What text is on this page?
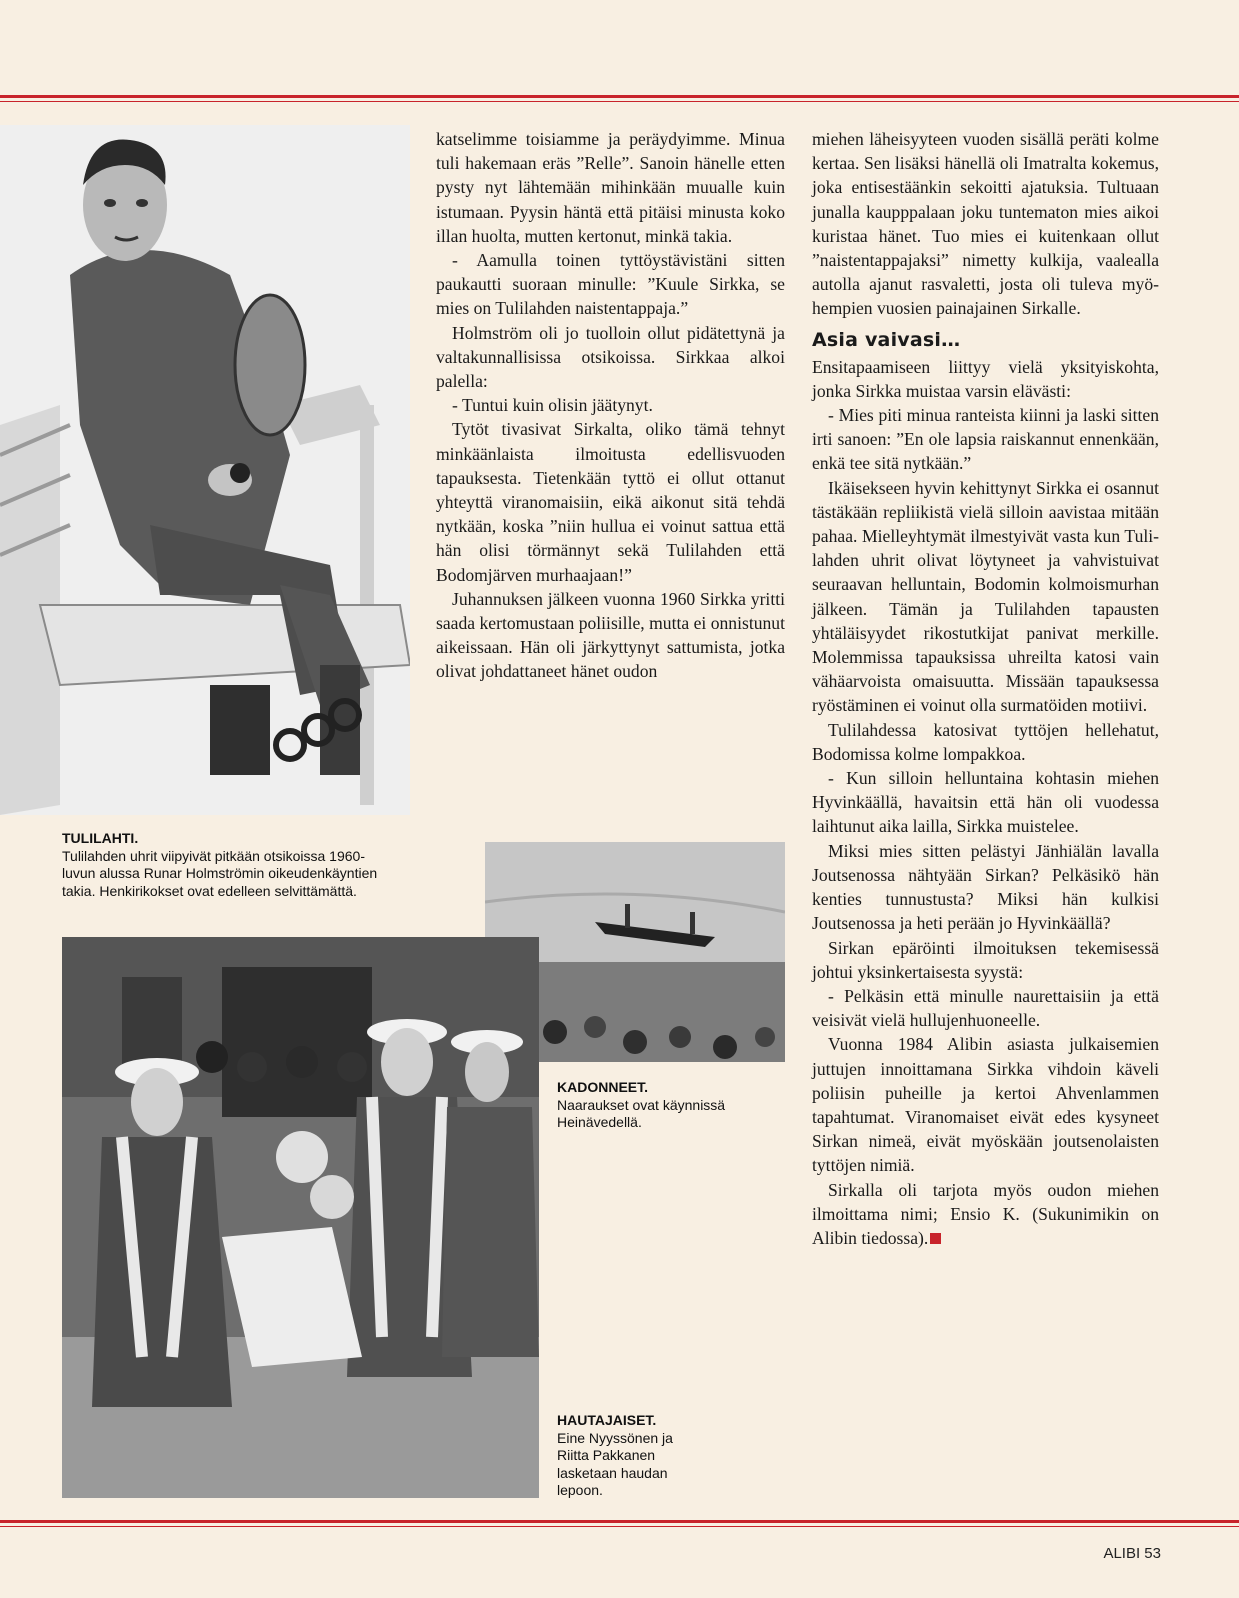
TULILAHTI.
Tulilahden uhrit viipyivät pitkään otsikoissa 1960-luvun alussa Runar Holmströmin oikeudenkäyntien takia. Henkirikokset ovat edelleen selvittämättä.

katselimme toisiamme ja peräydyimme. Minua tuli hakemaan eräs ”Relle”. Sanoin hänelle etten pysty nyt lähtemään mihinkään muualle kuin istumaan. Pyysin häntä että pitäisi minusta koko illan huolta, mutten kertonut, minkä takia.

- Aamulla toinen tyttöystävistäni sitten paukautti suoraan minulle: ”Kuule Sirkka, se mies on Tulilahden naistentappaja.”

Holmström oli jo tuolloin ollut pidätettynä ja valtakunnallisissa otsikoissa. Sirkkaa alkoi palella:

- Tuntui kuin olisin jäätynyt.

Tytöt tivasivat Sirkalta, oliko tämä tehnyt minkäänlaista ilmoitusta edellisvuoden tapauksesta. Tietenkään tyttö ei ollut ottanut yhteyttä viranomaisiin, eikä aikonut sitä tehdä nytkään, koska ”niin hullua ei voinut sattua että hän olisi törmännyt sekä Tulilahden että Bodomjärven murhaajaan!”

Juhannuksen jälkeen vuonna 1960 Sirkka yritti saada kertomustaan poliisille, mutta ei onnistunut aikeissaan. Hän oli järkyttynyt sattumista, jotka olivat johdattaneet hänet oudon

miehen läheisyyteen vuoden sisällä peräti kolme kertaa. Sen lisäksi hänellä oli Imatralta kokemus, joka entisestäänkin sekoitti ajatuksia. Tultuaan junalla kaupppalaan joku tuntematon mies aikoi kuristaa hänet. Tuo mies ei kuitenkaan ollut ”naistentappajaksi” nimetty kulkija, vaalealla autolla ajanut rasvaletti, josta oli tuleva myöhempien vuosien painajainen Sirkalle.

Asia vaivasi…

Ensitapaamiseen liittyy vielä yksityiskohta, jonka Sirkka muistaa varsin elävästi:

- Mies piti minua ranteista kiinni ja laski sitten irti sanoen: ”En ole lapsia raiskannut ennenkään, enkä tee sitä nytkään.”

Ikäisekseen hyvin kehittynyt Sirkka ei osannut tästäkään repliikistä vielä silloin aavistaa mitään pahaa. Mielleyhtymät ilmestyivät vasta kun Tulilahden uhrit olivat löytyneet ja vahvistuivat seuraavan helluntain, Bodomin kolmoismurhan jälkeen. Tämän ja Tulilahden tapausten yhtäläisyydet rikostutkijat panivat merkille. Molemmissa tapauksissa uhreilta katosi vain vähäarvoista omaisuutta. Missään tapauksessa ryöstäminen ei voinut olla surmatöiden motiivi.

Tulilahdessa katosivat tyttöjen hellehatut, Bodomissa kolme lompakkoa.

- Kun silloin helluntaina kohtasin miehen Hyvinkäällä, havaitsin että hän oli vuodessa laihtunut aika lailla, Sirkka muistelee.

Miksi mies sitten pelästyi Jänhiälän lavalla Joutsenossa nähtyään Sirkan? Pelkäsikö hän kenties tunnustusta? Miksi hän kulkisi Joutsenossa ja heti perään jo Hyvinkäällä?

Sirkan epäröinti ilmoituksen tekemisessä johtui yksinkertaisesta syystä:

- Pelkäsin että minulle naurettaisiin ja että veisivät vielä hullujenhuoneelle.

Vuonna 1984 Alibin asiasta julkaisemien juttujen innoittamana Sirkka vihdoin käveli poliisin puheille ja kertoi Ahvenlammen tapahtumat. Viranomaiset eivät edes kysyneet Sirkan nimeä, eivät myöskään joutsenolaisten tyttöjen nimiä.

Sirkalla oli tarjota myös oudon miehen ilmoittama nimi; Ensio K. (Sukunimikin on Alibin tiedossa).

KADONNEET.
Naaraukset ovat käynnissä Heinävedellä.
HAUTAJAISET.
Eine Nyyssönen ja Riitta Pakkanen lasketaan haudan lepoon.
ALIBI 53
